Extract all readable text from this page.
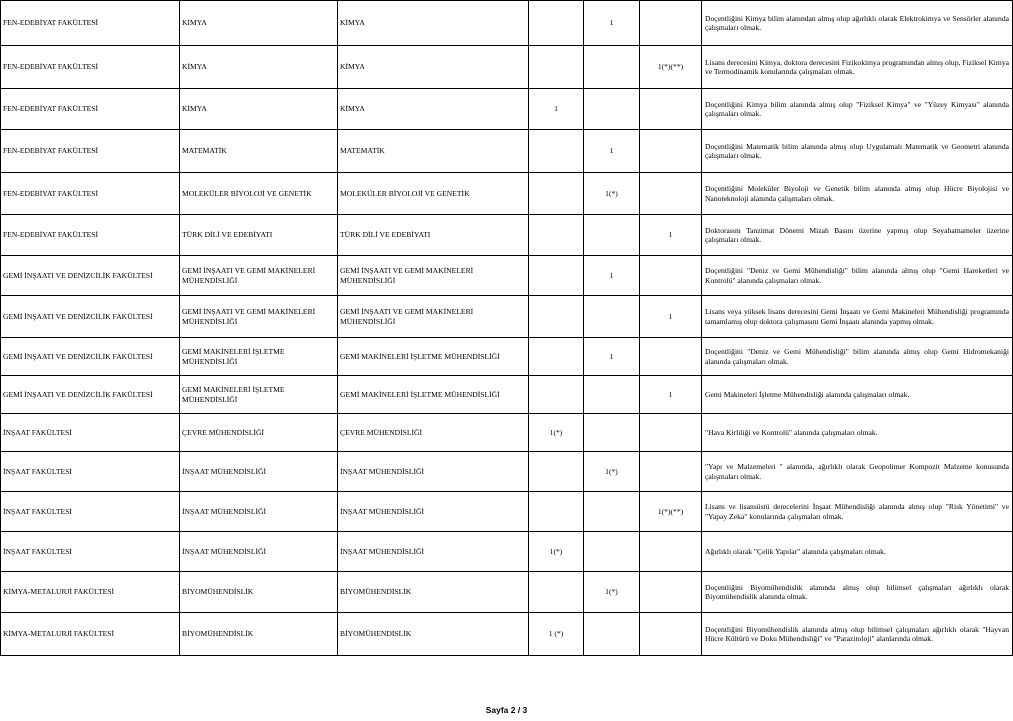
FEN-EDEBİYAT FAKÜLTESİ	KİMYA	KİMYA		1		Doçentliğini Kimya bilim alanından almış olup ağırlıklı olarak Elektrokimya ve Sensörler alanında çalışmaları olmak.
FEN-EDEBİYAT FAKÜLTESİ	KİMYA	KİMYA			1(*)(**)	Lisans derecesini Kimya, doktora derecesini Fizikokimya programından almış olup, Fiziksel Kimya ve Termodinamik konularında çalışmaları olmak.
FEN-EDEBİYAT FAKÜLTESİ	KİMYA	KİMYA	1			Doçentliğini Kimya bilim alanında almış olup "Fiziksel Kimya" ve "Yüzey Kimyası" alanında çalışmaları olmak.
FEN-EDEBİYAT FAKÜLTESİ	MATEMATİK	MATEMATİK		1		Doçentliğini Matematik bilim alanında almış olup Uygulamalı Matematik ve Geometri alanında çalışmaları olmak.
FEN-EDEBİYAT FAKÜLTESİ	MOLEKÜLER BİYOLOJİ VE GENETİK	MOLEKÜLER BİYOLOJİ VE GENETİK		1(*)		Doçentliğini Moleküler Biyoloji ve Genetik bilim alanında almış olup Hücre Biyolojisi ve Nanoteknoloji alanında çalışmaları olmak.
FEN-EDEBİYAT FAKÜLTESİ	TÜRK DİLİ VE EDEBİYATI	TÜRK DİLİ VE EDEBİYATI			1	Doktorasını Tanzimat Dönemi Mizah Basını üzerine yapmış olup Seyahatnameler üzerine çalışmaları olmak.
GEMİ İNŞAATI VE DENİZCİLİK FAKÜLTESİ	GEMİ İNŞAATI VE GEMİ MAKİNELERİ MÜHENDİSLİĞİ	GEMİ İNŞAATI VE GEMİ MAKİNELERİ MÜHENDİSLİĞİ		1		Doçentliğini "Deniz ve Gemi Mühendisliği" bilim alanında almış olup "Gemi Hareketleri ve Kontrolü" alanında çalışmaları olmak.
GEMİ İNŞAATI VE DENİZCİLİK FAKÜLTESİ	GEMİ İNŞAATI VE GEMİ MAKİNELERİ MÜHENDİSLİĞİ	GEMİ İNŞAATI VE GEMİ MAKİNELERİ MÜHENDİSLİĞİ			1	Lisans veya yüksek lisans derecesini Gemi İnşaatı ve Gemi Makineleri Mühendisliği programında tamamlamış olup doktora çalışmasını Gemi İnşaatı alanında yapmış olmak.
GEMİ İNŞAATI VE DENİZCİLİK FAKÜLTESİ	GEMİ MAKİNELERİ İŞLETME MÜHENDİSLİĞİ	GEMİ MAKİNELERİ İŞLETME MÜHENDİSLİĞİ		1		Doçentliğini "Deniz ve Gemi Mühendisliği" bilim alanında almış olup Gemi Hidromekaniği alanında çalışmaları olmak.
GEMİ İNŞAATI VE DENİZCİLİK FAKÜLTESİ	GEMİ MAKİNELERİ İŞLETME MÜHENDİSLİĞİ	GEMİ MAKİNELERİ İŞLETME MÜHENDİSLİĞİ			1	Gemi Makineleri İşletme Mühendisliği alanında çalışmaları olmak.
İNŞAAT FAKÜLTESİ	ÇEVRE MÜHENDİSLİĞİ	ÇEVRE MÜHENDİSLİĞİ	1(*)			"Hava Kirliliği ve Kontrolü" alanında çalışmaları olmak.
İNŞAAT FAKÜLTESİ	İNŞAAT MÜHENDİSLİĞİ	İNŞAAT MÜHENDİSLİĞİ		1(*)		"Yapı ve Malzemeleri " alanında, ağırlıklı olarak Geopolimer Kompozit Malzeme konusunda çalışmaları olmak.
İNŞAAT FAKÜLTESİ	İNŞAAT MÜHENDİSLİĞİ	İNŞAAT MÜHENDİSLİĞİ			1(*)(**)	Lisans ve lisansüstü derecelerini İnşaat Mühendisliği alanında almış olup "Risk Yönetimi" ve "Yapay Zeka" konularında çalışmaları olmak.
İNŞAAT FAKÜLTESİ	İNŞAAT MÜHENDİSLİĞİ	İNŞAAT MÜHENDİSLİĞİ	1(*)			Ağırlıklı olarak "Çelik Yapılar" alanında çalışmaları olmak.
KİMYA-METALURJİ FAKÜLTESİ	BİYOMÜHENDİSLİK	BİYOMÜHENDİSLİK		1(*)		Doçentliğini Biyomühendislik alanında almış olup bilimsel çalışmaları ağırlıklı olarak Biyomühendislik alanında olmak.
KİMYA-METALURJİ FAKÜLTESİ	BİYOMÜHENDİSLİK	BİYOMÜHENDİSLİK	1 (*)			Doçentliğini Biyomühendislik alanında almış olup bilimsel çalışmaları ağırlıklı olarak "Hayvan Hücre Kültürü ve Doku Mühendisliği" ve "Parazitoloji" alanlarında olmak.
Sayfa 2 / 3
